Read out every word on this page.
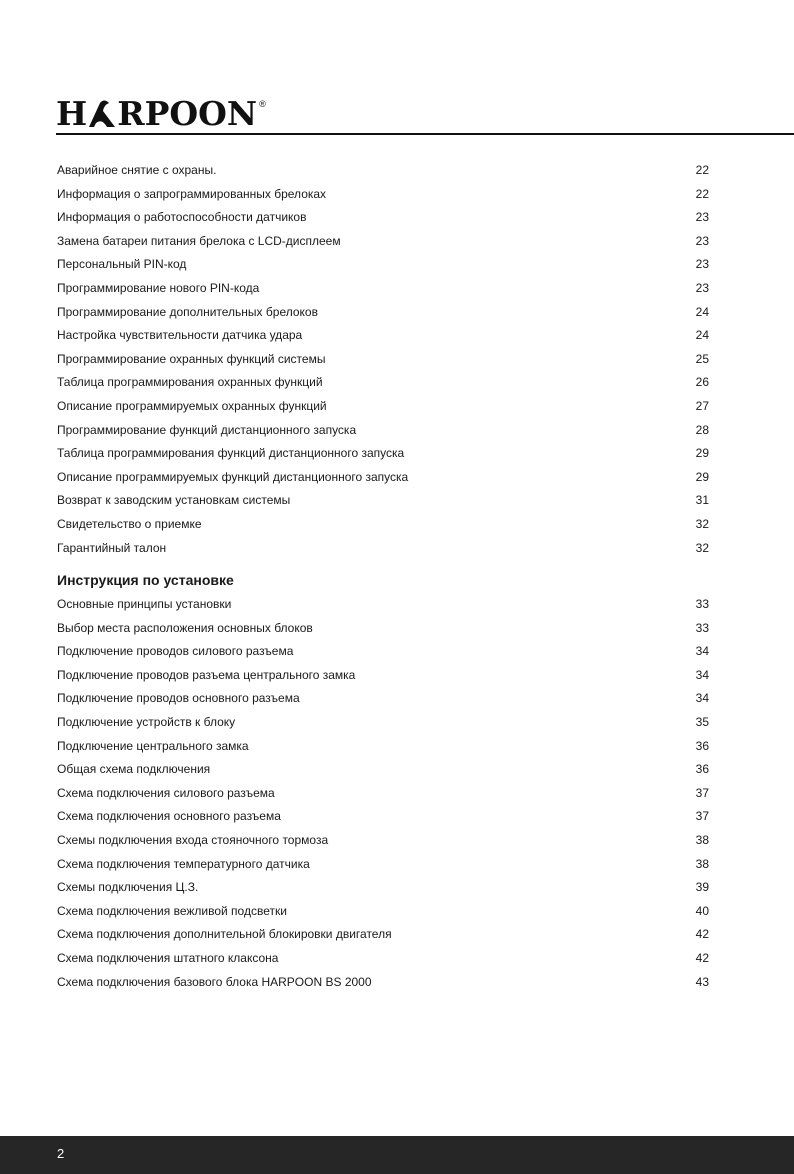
H RPOON ®
Аварийное снятие с охраны.	22
Информация о запрограммированных брелоках	22
Информация о работоспособности датчиков	23
Замена батареи питания брелока с LCD-дисплеем	23
Персональный PIN-код	23
Программирование нового PIN-кода	23
Программирование дополнительных брелоков	24
Настройка чувствительности датчика удара	24
Программирование охранных функций системы	25
Таблица программирования охранных функций	26
Описание программируемых охранных функций	27
Программирование функций дистанционного запуска	28
Таблица программирования функций дистанционного запуска	29
Описание программируемых функций дистанционного запуска	29
Возврат к заводским установкам системы	31
Свидетельство о приемке	32
Гарантийный талон	32
Инструкция по установке
Основные принципы установки	33
Выбор места расположения основных блоков	33
Подключение проводов силового разъема	34
Подключение проводов разъема центрального замка	34
Подключение проводов основного разъема	34
Подключение устройств к блоку	35
Подключение центрального замка	36
Общая схема подключения	36
Схема подключения силового разъема	37
Схема подключения основного разъема	37
Схемы подключения входа стояночного тормоза	38
Схема подключения температурного датчика	38
Схемы подключения Ц.З.	39
Схема подключения вежливой подсветки	40
Схема подключения дополнительной блокировки двигателя	42
Схема подключения штатного клаксона	42
Схема подключения базового блока HARPOON BS 2000	43
2
